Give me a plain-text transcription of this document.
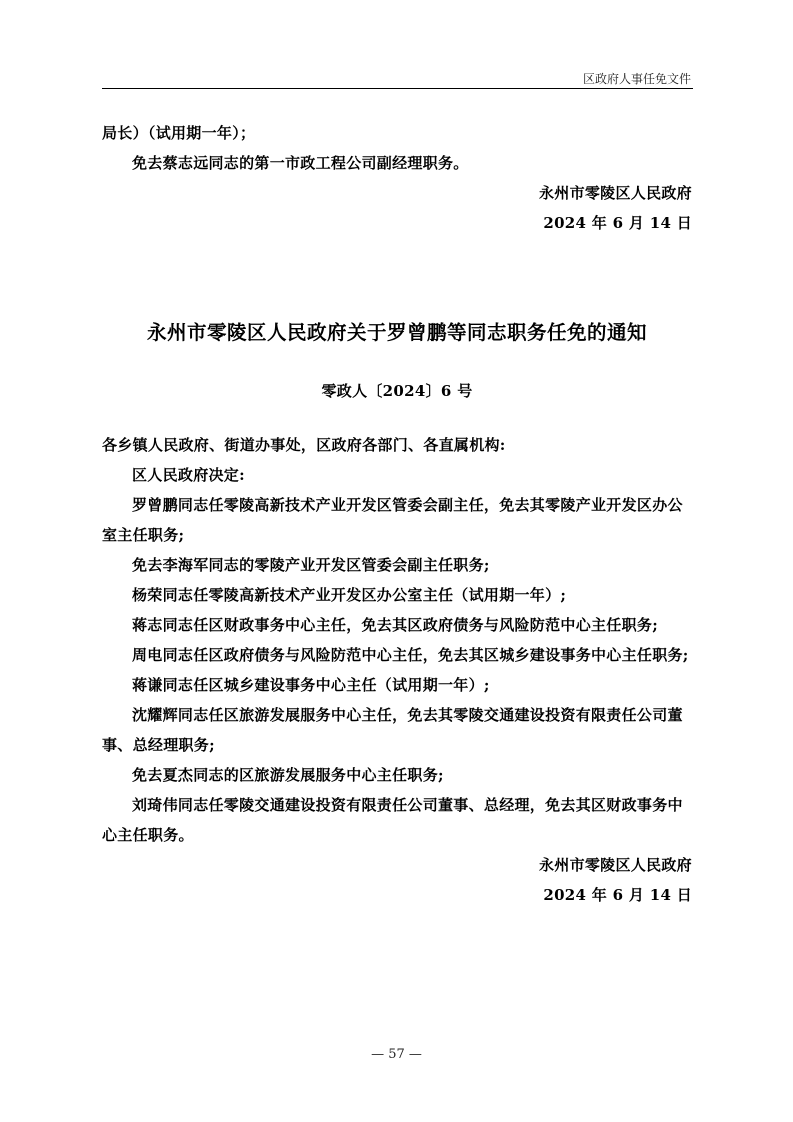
区政府人事任免文件

局长）（试用期一年）；

免去蔡志远同志的第一市政工程公司副经理职务。

永州市零陵区人民政府

2024 年 6 月 14 日

永州市零陵区人民政府关于罗曾鹏等同志职务任免的通知

零政人〔2024〕6 号

各乡镇人民政府、街道办事处，区政府各部门、各直属机构:

区人民政府决定:

罗曾鹏同志任零陵高新技术产业开发区管委会副主任，免去其零陵产业开发区办公室主任职务;

免去李海军同志的零陵产业开发区管委会副主任职务;

杨荣同志任零陵高新技术产业开发区办公室主任（试用期一年）;

蒋志同志任区财政事务中心主任，免去其区政府债务与风险防范中心主任职务;

周电同志任区政府债务与风险防范中心主任，免去其区城乡建设事务中心主任职务;

蒋谦同志任区城乡建设事务中心主任（试用期一年）;

沈耀辉同志任区旅游发展服务中心主任，免去其零陵交通建设投资有限责任公司董事、总经理职务;

免去夏杰同志的区旅游发展服务中心主任职务;

刘琦伟同志任零陵交通建设投资有限责任公司董事、总经理，免去其区财政事务中心主任职务。

永州市零陵区人民政府

2024 年 6 月 14 日

— 57 —
